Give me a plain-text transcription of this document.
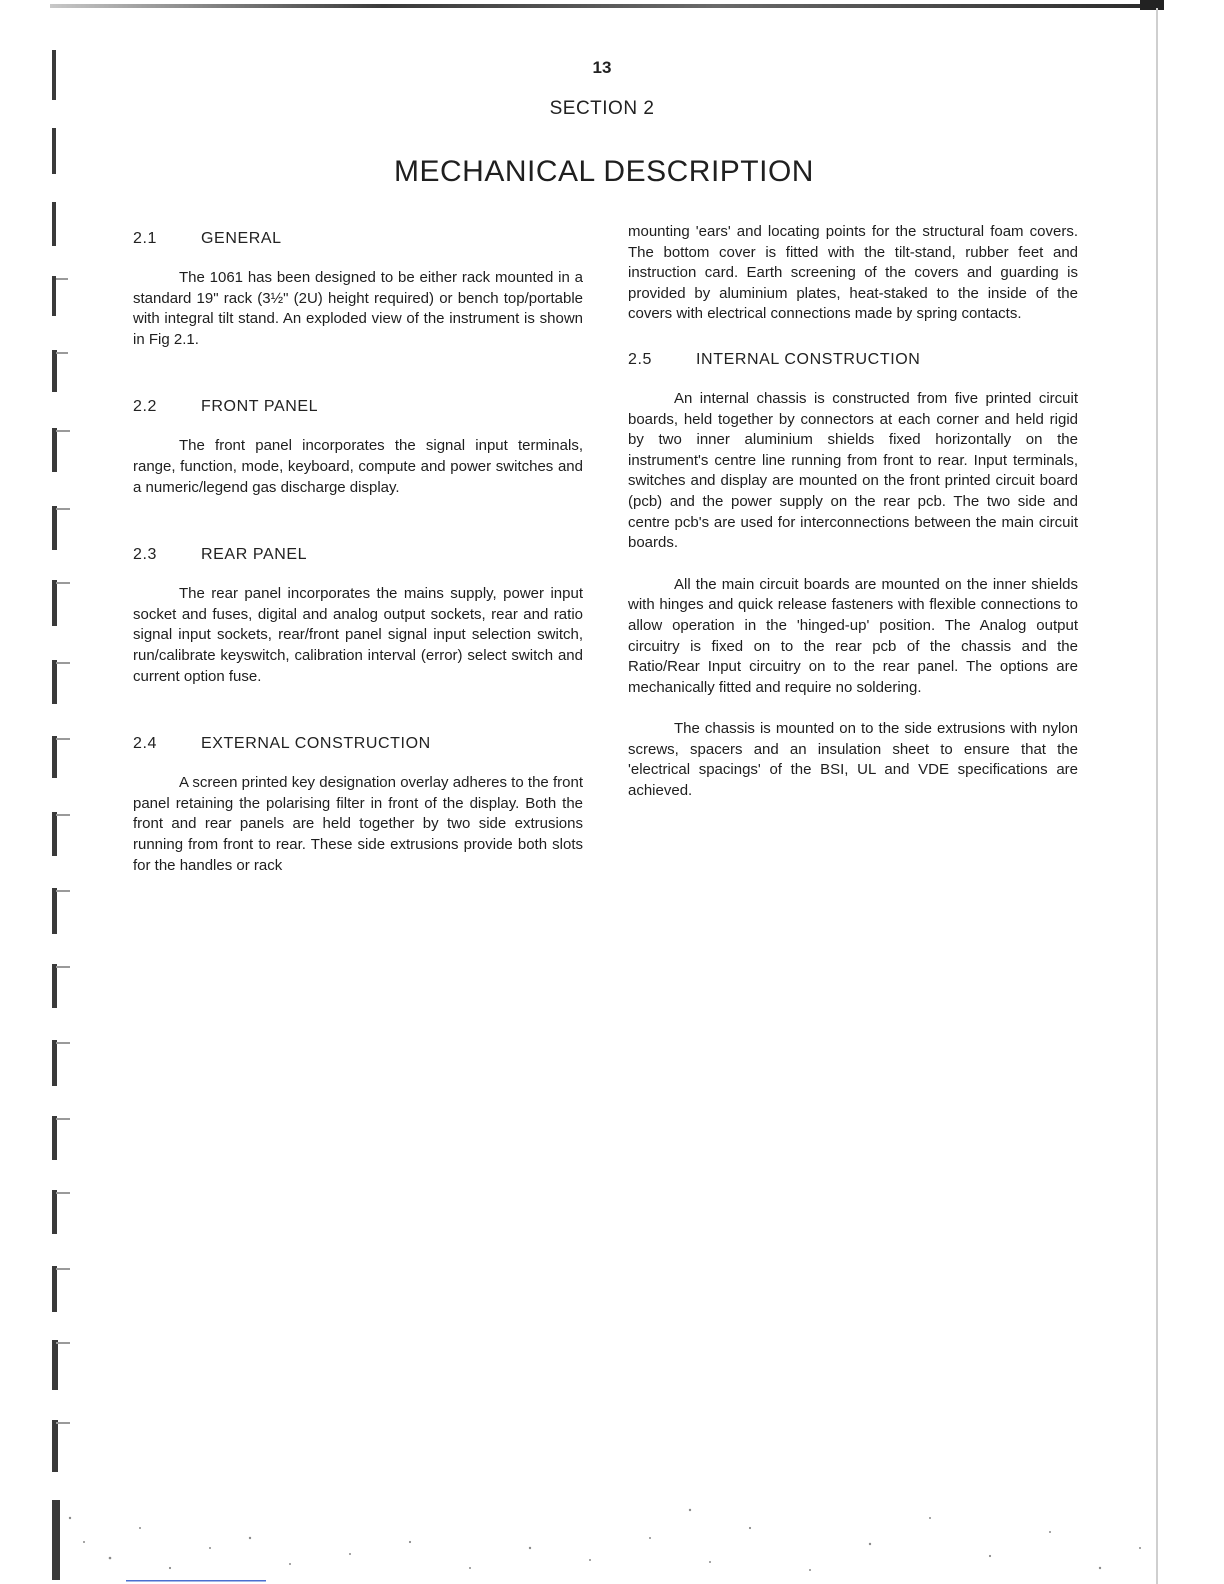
13
SECTION 2
MECHANICAL DESCRIPTION
2.1	GENERAL

The 1061 has been designed to be either rack mounted in a standard 19" rack (3½" (2U) height required) or bench top/portable with integral tilt stand. An exploded view of the instrument is shown in Fig 2.1.

2.2	FRONT PANEL

The front panel incorporates the signal input terminals, range, function, mode, keyboard, compute and power switches and a numeric/legend gas discharge display.

2.3	REAR PANEL

The rear panel incorporates the mains supply, power input socket and fuses, digital and analog output sockets, rear and ratio signal input sockets, rear/front panel signal input selection switch, run/calibrate keyswitch, calibration interval (error) select switch and current option fuse.

2.4	EXTERNAL CONSTRUCTION

A screen printed key designation overlay adheres to the front panel retaining the polarising filter in front of the display. Both the front and rear panels are held together by two side extrusions running from front to rear. These side extrusions provide both slots for the handles or rack

mounting 'ears' and locating points for the structural foam covers. The bottom cover is fitted with the tilt-stand, rubber feet and instruction card. Earth screening of the covers and guarding is provided by aluminium plates, heat-staked to the inside of the covers with electrical connections made by spring contacts.

2.5	INTERNAL CONSTRUCTION

An internal chassis is constructed from five printed circuit boards, held together by connectors at each corner and held rigid by two inner aluminium shields fixed horizontally on the instrument's centre line running from front to rear. Input terminals, switches and display are mounted on the front printed circuit board (pcb) and the power supply on the rear pcb. The two side and centre pcb's are used for interconnections between the main circuit boards.

All the main circuit boards are mounted on the inner shields with hinges and quick release fasteners with flexible connections to allow operation in the 'hinged-up' position. The Analog output circuitry is fixed on to the rear pcb of the chassis and the Ratio/Rear Input circuitry on to the rear panel. The options are mechanically fitted and require no soldering.

The chassis is mounted on to the side extrusions with nylon screws, spacers and an insulation sheet to ensure that the 'electrical spacings' of the BSI, UL and VDE specifications are achieved.
